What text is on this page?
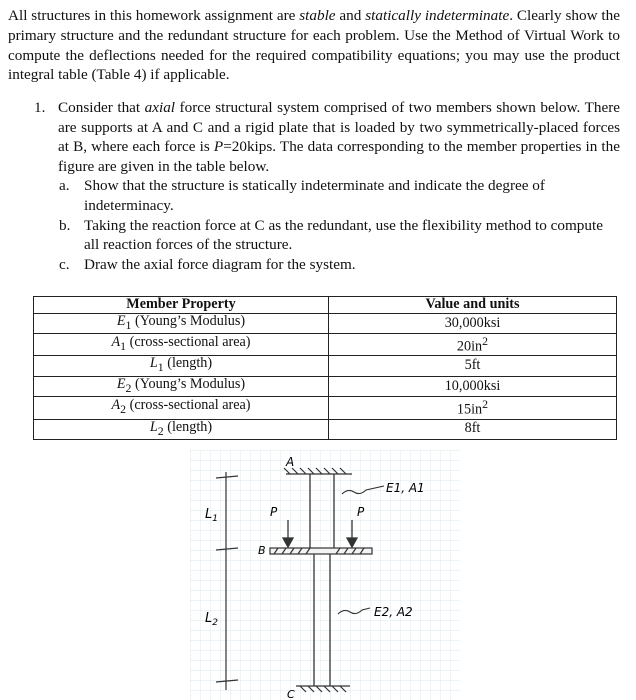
All structures in this homework assignment are stable and statically indeterminate. Clearly show the primary structure and the redundant structure for each problem. Use the Method of Virtual Work to compute the deflections needed for the required compatibility equations; you may use the product integral table (Table 4) if applicable.

1. Consider that axial force structural system comprised of two members shown below. There are supports at A and C and a rigid plate that is loaded by two symmetrically-placed forces at B, where each force is P=20kips. The data corresponding to the member properties in the figure are given in the table below.
a. Show that the structure is statically indeterminate and indicate the degree of indeterminacy.
b. Taking the reaction force at C as the redundant, use the flexibility method to compute all reaction forces of the structure.
c. Draw the axial force diagram for the system.
Member Property	Value and units
$E_1$ (Young’s Modulus)	30,000ksi
$A_1$ (cross-sectional area)	$20in^2$
$L_1$ (length)	5ft
$E_2$ (Young’s Modulus)	10,000ksi
$A_2$ (cross-sectional area)	$15in^2$
$L_2$ (length)	8ft
$L_1$
$L_2$
A
B
P	P
C
E1, A1
E2, A2
